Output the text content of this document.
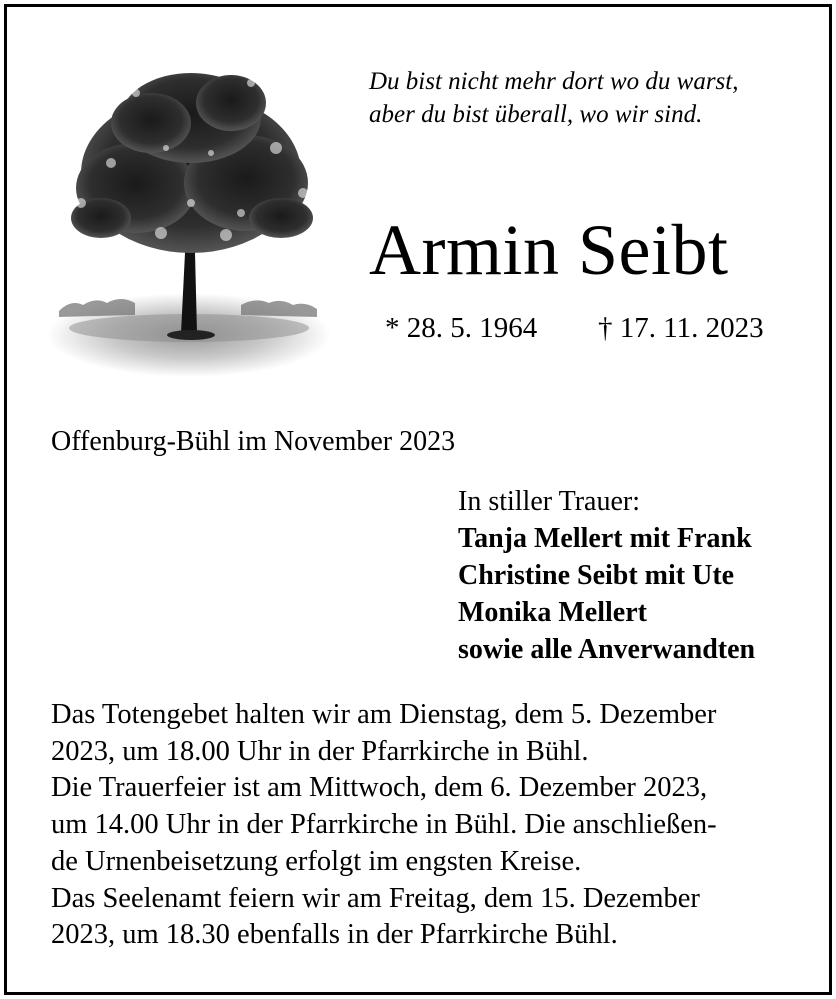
Du bist nicht mehr dort wo du warst,
aber du bist überall, wo wir sind.
Armin Seibt
* 28. 5. 1964 † 17. 11. 2023
Offenburg-Bühl im November 2023
In stiller Trauer:
Tanja Mellert mit Frank
Christine Seibt mit Ute
Monika Mellert
sowie alle Anverwandten
Das Totengebet halten wir am Dienstag, dem 5. Dezember
2023, um 18.00 Uhr in der Pfarrkirche in Bühl.
Die Trauerfeier ist am Mittwoch, dem 6. Dezember 2023,
um 14.00 Uhr in der Pfarrkirche in Bühl. Die anschließen-
de Urnenbeisetzung erfolgt im engsten Kreise.
Das Seelenamt feiern wir am Freitag, dem 15. Dezember
2023, um 18.30 ebenfalls in der Pfarrkirche Bühl.
